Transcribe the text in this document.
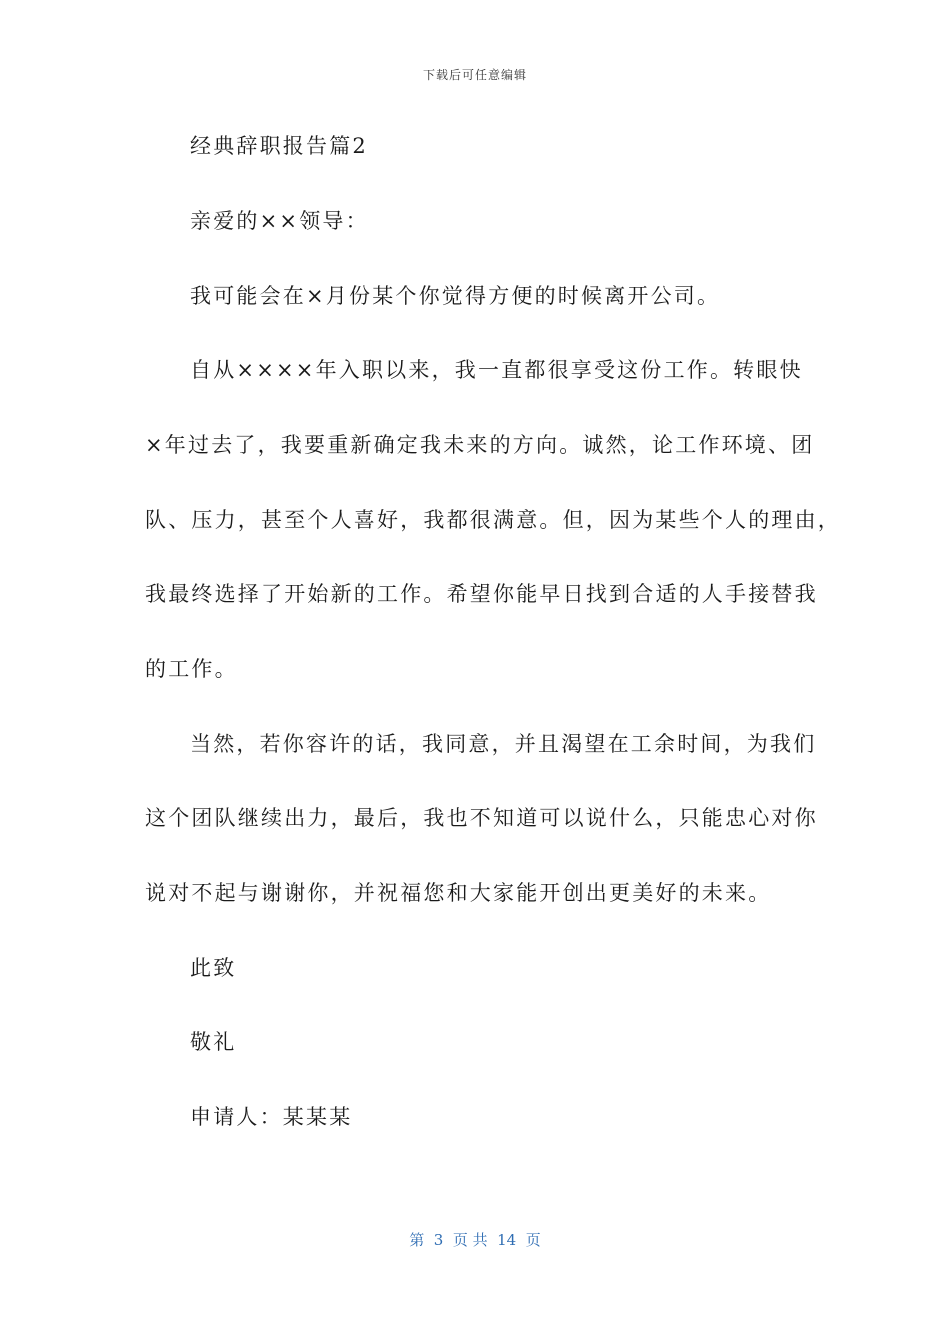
下载后可任意编辑
经典辞职报告篇2
亲爱的××领导：
我可能会在×月份某个你觉得方便的时候离开公司。
自从××××年入职以来，我一直都很享受这份工作。转眼快
×年过去了，我要重新确定我未来的方向。诚然，论工作环境、团
队、压力，甚至个人喜好，我都很满意。但，因为某些个人的理由，
我最终选择了开始新的工作。希望你能早日找到合适的人手接替我
的工作。
当然，若你容许的话，我同意，并且渴望在工余时间，为我们
这个团队继续出力，最后，我也不知道可以说什么，只能忠心对你
说对不起与谢谢你，并祝福您和大家能开创出更美好的未来。
此致
敬礼
申请人：某某某
第  3  页 共  14  页
